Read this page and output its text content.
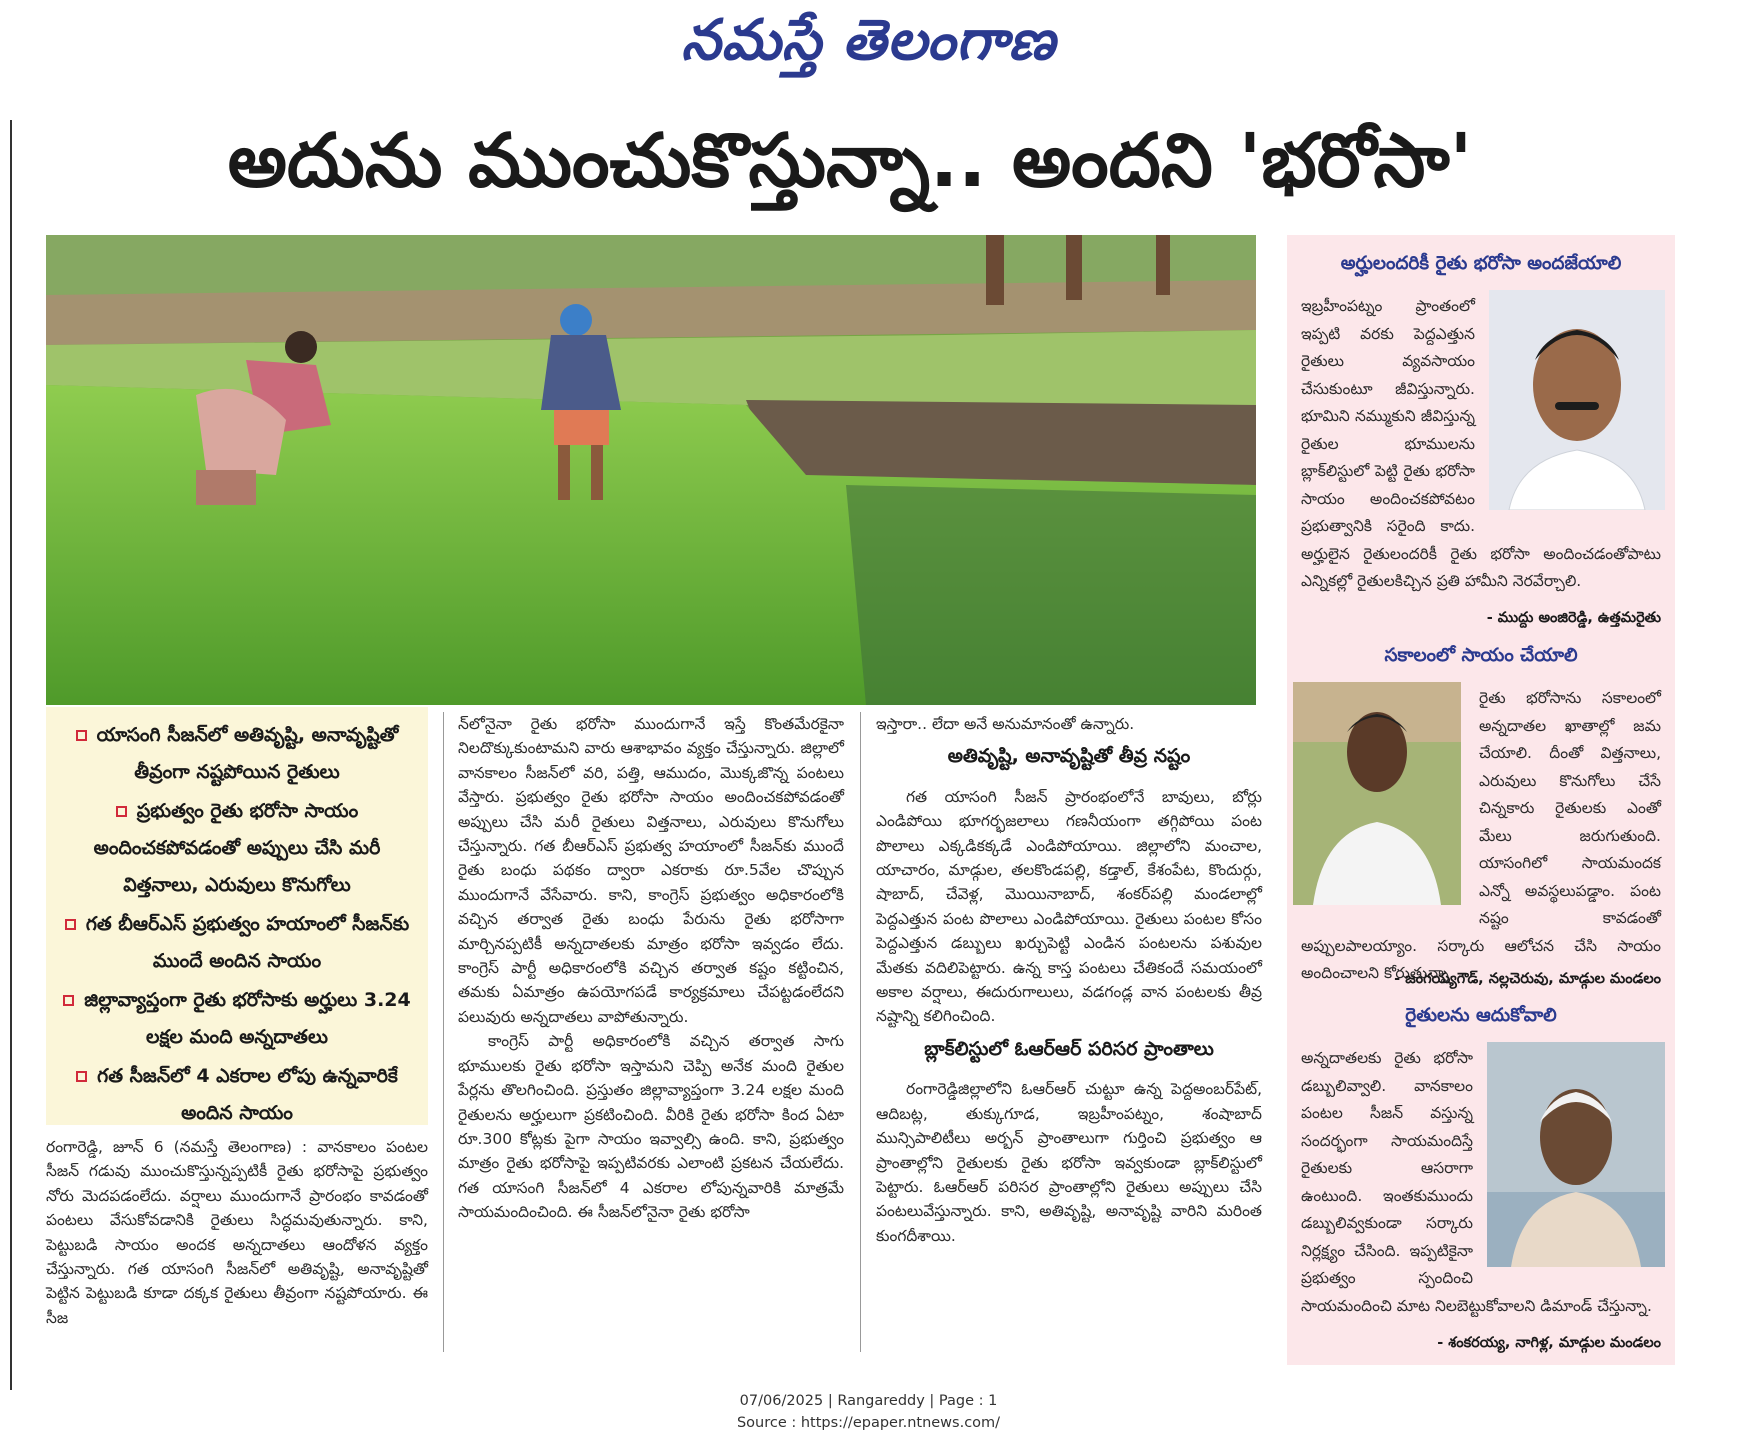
నమస్తే తెలంగాణ
అదును ముంచుకొస్తున్నా.. అందని 'భరోసా'
యాసంగి సీజన్‌లో అతివృష్టి, అనావృష్టితో తీవ్రంగా నష్టపోయిన రైతులు
ప్రభుత్వం రైతు భరోసా సాయం అందించకపోవడంతో అప్పులు చేసి మరీ విత్తనాలు, ఎరువులు కొనుగోలు
గత బీఆర్‌ఎస్ ప్రభుత్వం హయాంలో సీజన్‌కు ముందే అందిన సాయం
జిల్లావ్యాప్తంగా రైతు భరోసాకు అర్హులు 3.24 లక్షల మంది అన్నదాతలు
గత సీజన్‌లో 4 ఎకరాల లోపు ఉన్నవారికే అందిన సాయం

రంగారెడ్డి, జూన్ 6 (నమస్తే తెలంగాణ) : వానకాలం పంటల సీజన్ గడువు ముంచుకొస్తున్నప్పటికీ రైతు భరోసాపై ప్రభుత్వం నోరు మెదపడంలేదు. వర్షాలు ముందుగానే ప్రారంభం కావడంతో పంటలు వేసుకోవడానికి రైతులు సిద్ధమవుతున్నారు. కాని, పెట్టుబడి సాయం అందక అన్నదాతలు ఆందోళన వ్యక్తం చేస్తున్నారు. గత యాసంగి సీజన్‌లో అతివృష్టి, అనావృష్టితో పెట్టిన పెట్టుబడి కూడా దక్కక రైతులు తీవ్రంగా నష్టపోయారు. ఈ సీజ

న్‌లోనైనా రైతు భరోసా ముందుగానే ఇస్తే కొంతమేరకైనా నిలదొక్కుకుంటామని వారు ఆశాభావం వ్యక్తం చేస్తున్నారు. జిల్లాలో వానకాలం సీజన్‌లో వరి, పత్తి, ఆముదం, మొక్కజొన్న పంటలు వేస్తారు. ప్రభుత్వం రైతు భరోసా సాయం అందించకపోవడంతో అప్పులు చేసి మరీ రైతులు విత్తనాలు, ఎరువులు కొనుగోలు చేస్తున్నారు. గత బీఆర్‌ఎస్ ప్రభుత్వ హయాంలో సీజన్‌కు ముందే రైతు బంధు పథకం ద్వారా ఎకరాకు రూ.5వేల చొప్పున ముందుగానే వేసేవారు. కాని, కాంగ్రెస్ ప్రభుత్వం అధికారంలోకి వచ్చిన తర్వాత రైతు బంధు పేరును రైతు భరోసాగా మార్చినప్పటికీ అన్నదాతలకు మాత్రం భరోసా ఇవ్వడం లేదు. కాంగ్రెస్ పార్టీ అధికారంలోకి వచ్చిన తర్వాత కష్టం కట్టించిన, తమకు ఏమాత్రం ఉపయోగపడే కార్యక్రమాలు చేపట్టడంలేదని పలువురు అన్నదాతలు వాపోతున్నారు.

కాంగ్రెస్ పార్టీ అధికారంలోకి వచ్చిన తర్వాత సాగు భూములకు రైతు భరోసా ఇస్తామని చెప్పి అనేక మంది రైతుల పేర్లను తొలగించింది. ప్రస్తుతం జిల్లావ్యాప్తంగా 3.24 లక్షల మంది రైతులను అర్హులుగా ప్రకటించింది. వీరికి రైతు భరోసా కింద ఏటా రూ.300 కోట్లకు పైగా సాయం ఇవ్వాల్సి ఉంది. కాని, ప్రభుత్వం మాత్రం రైతు భరోసాపై ఇప్పటివరకు ఎలాంటి ప్రకటన చేయలేదు. గత యాసంగి సీజన్‌లో 4 ఎకరాల లోపున్నవారికి మాత్రమే సాయమందించింది. ఈ సీజన్‌లోనైనా రైతు భరోసా

ఇస్తారా.. లేదా అనే అనుమానంతో ఉన్నారు.

అతివృష్టి, అనావృష్టితో తీవ్ర నష్టం

గత యాసంగి సీజన్ ప్రారంభంలోనే బావులు, బోర్లు ఎండిపోయి భూగర్భజలాలు గణనీయంగా తగ్గిపోయి పంట పొలాలు ఎక్కడికక్కడే ఎండిపోయాయి. జిల్లాలోని మంచాల, యాచారం, మాడ్గుల, తలకొండపల్లి, కడ్తాల్, కేశంపేట, కొందుర్గు, షాబాద్, చేవెళ్ల, మొయినాబాద్, శంకర్‌పల్లి మండలాల్లో పెద్దఎత్తున పంట పొలాలు ఎండిపోయాయి. రైతులు పంటల కోసం పెద్దఎత్తున డబ్బులు ఖర్చుపెట్టి ఎండిన పంటలను పశువుల మేతకు వదిలిపెట్టారు. ఉన్న కాస్త పంటలు చేతికందే సమయంలో అకాల వర్షాలు, ఈదురుగాలులు, వడగండ్ల వాన పంటలకు తీవ్ర నష్టాన్ని కలిగించింది.

బ్లాక్‌లిస్టులో ఓఆర్‌ఆర్ పరిసర ప్రాంతాలు

రంగారెడ్డిజిల్లాలోని ఓఆర్‌ఆర్ చుట్టూ ఉన్న పెద్దఅంబర్‌పేట్, ఆదిబట్ల, తుక్కుగూడ, ఇబ్రహీంపట్నం, శంషాబాద్ మున్సిపాలిటీలు అర్బన్ ప్రాంతాలుగా గుర్తించి ప్రభుత్వం ఆ ప్రాంతాల్లోని రైతులకు రైతు భరోసా ఇవ్వకుండా బ్లాక్‌లిస్టులో పెట్టారు. ఓఆర్‌ఆర్ పరిసర ప్రాంతాల్లోని రైతులు అప్పులు చేసి పంటలువేస్తున్నారు. కాని, అతివృష్టి, అనావృష్టి వారిని మరింత కుంగదీశాయి.

అర్హులందరికీ రైతు భరోసా అందజేయాలి
ఇబ్రహీంపట్నం ప్రాంతంలో ఇప్పటి వరకు పెద్దఎత్తున రైతులు వ్యవసాయం చేసుకుంటూ జీవిస్తున్నారు. భూమిని నమ్ముకుని జీవిస్తున్న రైతుల భూములను బ్లాక్‌లిస్టులో పెట్టి రైతు భరోసా సాయం అందించకపోవటం ప్రభుత్వానికి సరైంది కాదు. అర్హులైన రైతులందరికీ రైతు భరోసా అందించడంతోపాటు ఎన్నికల్లో రైతులకిచ్చిన ప్రతి హామీని నెరవేర్చాలి.
- ముద్దు అంజిరెడ్డి, ఉత్తమరైతు
సకాలంలో సాయం చేయాలి
రైతు భరోసాను సకాలంలో అన్నదాతల ఖాతాల్లో జమ చేయాలి. దీంతో విత్తనాలు, ఎరువులు కొనుగోలు చేసే చిన్నకారు రైతులకు ఎంతో మేలు జరుగుతుంది. యాసంగిలో సాయమందక ఎన్నో అవస్థలుపడ్డాం. పంట నష్టం కావడంతో అప్పులపాలయ్యాం. సర్కారు ఆలోచన చేసి సాయం అందించాలని కోరుతున్నా.
- జంగయ్యగౌడ్, నల్లచెరువు, మాడ్గుల మండలం
రైతులను ఆదుకోవాలి
అన్నదాతలకు రైతు భరోసా డబ్బులివ్వాలి. వానకాలం పంటల సీజన్ వస్తున్న సందర్భంగా సాయమందిస్తే రైతులకు ఆసరాగా ఉంటుంది. ఇంతకుముందు డబ్బులివ్వకుండా సర్కారు నిర్లక్ష్యం చేసింది. ఇప్పటికైనా ప్రభుత్వం స్పందించి సాయమందించి మాట నిలబెట్టుకోవాలని డిమాండ్ చేస్తున్నా.
- శంకరయ్య, నాగిళ్ల, మాడ్గుల మండలం
07/06/2025 | Rangareddy | Page : 1
Source : https://epaper.ntnews.com/
